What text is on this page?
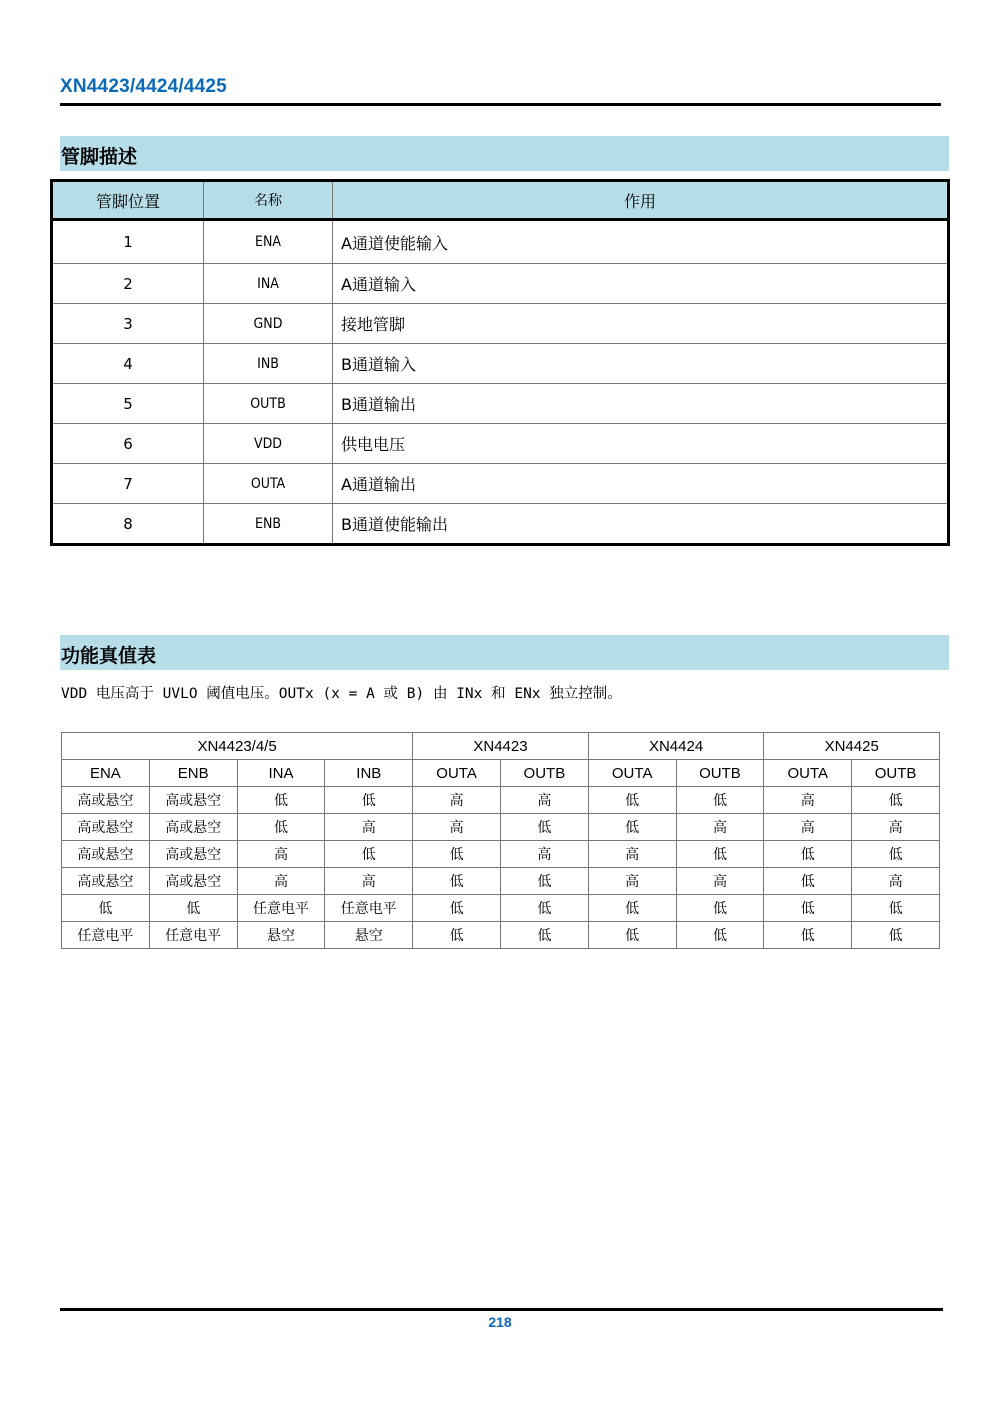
XN4423/4424/4425
管脚描述
管脚位置	名称	作用
1	ENA	A通道使能输入
2	INA	A通道输入
3	GND	接地管脚
4	INB	B通道输入
5	OUTB	B通道输出
6	VDD	供电电压
7	OUTA	A通道输出
8	ENB	B通道使能输出
功能真值表
VDD 电压高于 UVLO 阈值电压。OUTx (x = A 或 B) 由 INx 和 ENx 独立控制。
XN4423/4/5				XN4423		XN4424		XN4425	
ENA	ENB	INA	INB	OUTA	OUTB	OUTA	OUTB	OUTA	OUTB
高或悬空	高或悬空	低	低	高	高	低	低	高	低
高或悬空	高或悬空	低	高	高	低	低	高	高	高
高或悬空	高或悬空	高	低	低	高	高	低	低	低
高或悬空	高或悬空	高	高	低	低	高	高	低	高
低	低	任意电平	任意电平	低	低	低	低	低	低
任意电平	任意电平	悬空	悬空	低	低	低	低	低	低
218
